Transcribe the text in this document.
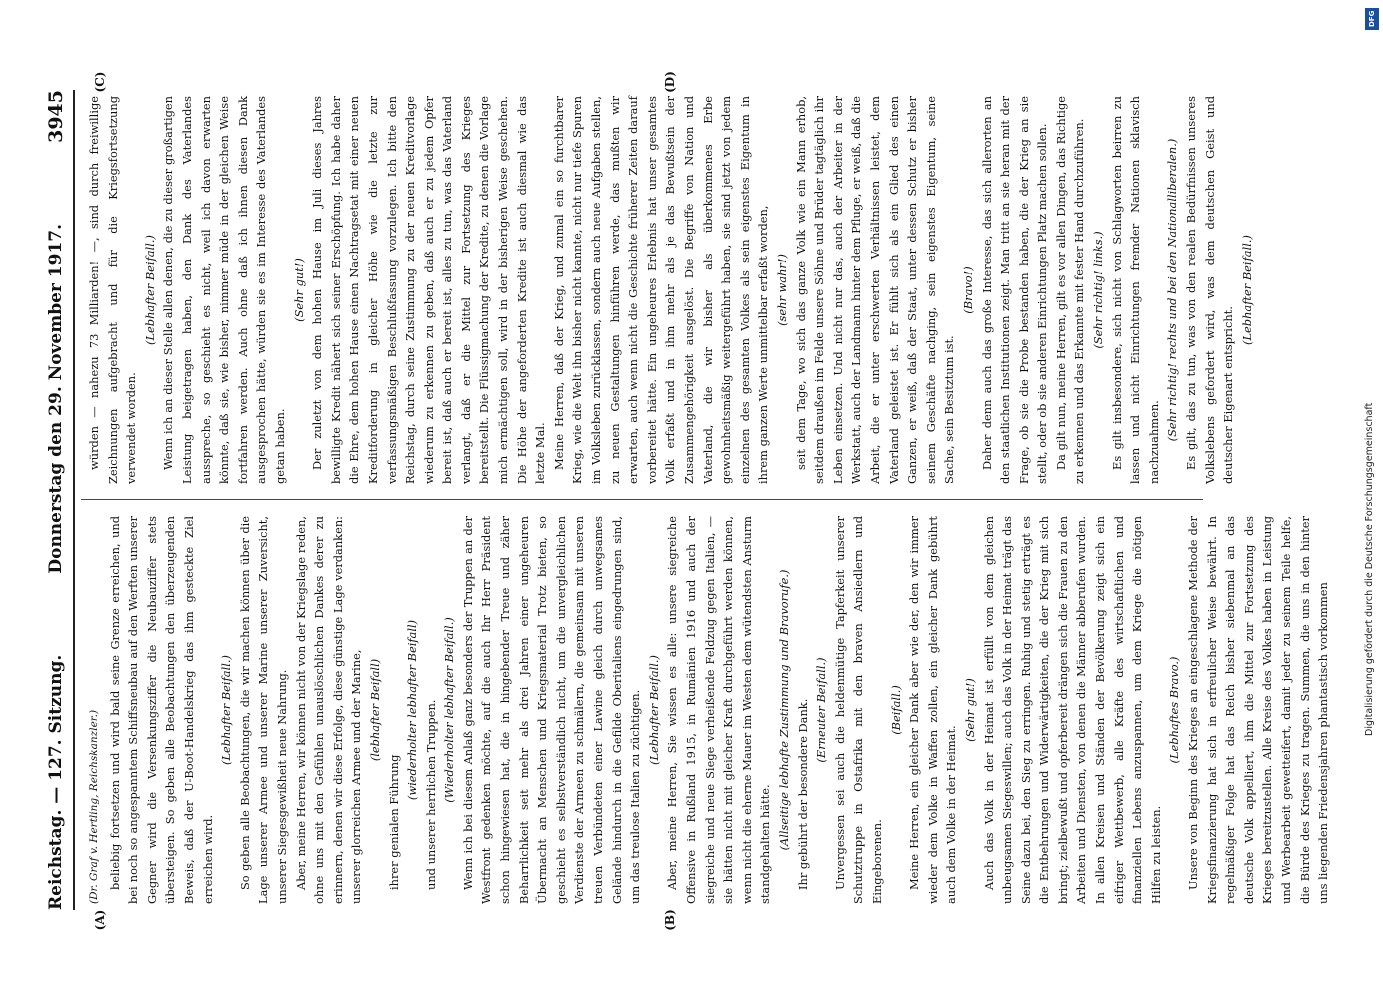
Reichstag. — 127. Sitzung.
Donnerstag den 29. November 1917.
3945
(A)	(B)
(C)	(D)

(Dr. Graf v. Hertling, Reichskanzler.) beliebig fortsetzen und wird bald seine Grenze erreichen, und bei noch so angespanntem Schiffsneubau auf den Werften unserer Gegner wird die Versenkungsziffer die Neubauziffer stets übersteigen. So geben alle Beobachtungen den überzeugenden Beweis, daß der U-Boot-Handelskrieg das ihm gesteckte Ziel erreichen wird.

(Lebhafter Beifall.) So geben alle Beobachtungen, die wir machen können über die Lage unserer Armee und unserer Marine unserer Zuversicht, unserer Siegesgewißheit neue Nahrung. Aber, meine Herren, wir können nicht von der Kriegslage reden, ohne uns mit den Gefühlen unauslöschlichen Dankes derer zu erinnern, denen wir diese Erfolge, diese günstige Lage verdanken: unserer glorreichen Armee und der Marine, (lebhafter Beifall)

ihrer genialen Führung

(wiederholter lebhafter Beifall) und unserer herrlichen Truppen. (Wiederholter lebhafter Beifall.) Wenn ich bei diesem Anlaß ganz besonders der Truppen an der Westfront gedenken möchte, auf die auch Ihr Herr Präsident schon hingewiesen hat, die in hingebender Treue und zäher Beharrlichkeit seit mehr als drei Jahren einer ungeheuren Übermacht an Menschen und Kriegsmaterial Trotz bieten, so geschieht es selbstverständlich nicht, um die unvergleichlichen Verdienste der Armeen zu schmälern, die gemeinsam mit unseren treuen Verbündeten einer Lawine gleich durch unwegsames Gelände hindurch in die Gefilde Oberitaliens eingedrungen sind, um das treulose Italien zu züchtigen. (Lebhafter Beifall.) Aber, meine Herren, Sie wissen es alle: unsere siegreiche Offensive in Rußland 1915, in Rumänien 1916 und auch der siegreiche und neue Siege verheißende Feldzug gegen Italien, — sie hätten nicht mit gleicher Kraft durchgeführt werden können, wenn nicht die eherne Mauer im Westen dem wütendsten Ansturm standgehalten hätte. (Allseitige lebhafte Zustimmung und Bravorufe.) Ihr gebührt der besondere Dank. (Erneuter Beifall.) Unvergessen sei auch die heldenmütige Tapferkeit unserer Schutztruppe in Ostafrika mit den braven Ansiedlern und Eingeborenen.

(Beifall.) Meine Herren, ein gleicher Dank aber wie der, den wir immer wieder dem Volke in Waffen zollen, ein gleicher Dank gebührt auch dem Volke in der Heimat.

(Sehr gut!) Auch das Volk in der Heimat ist erfüllt von dem gleichen unbeugsamen Siegeswillen; auch das Volk in der Heimat trägt das Seine dazu bei, den Sieg zu erringen. Ruhig und stetig erträgt es die Entbehrungen und Widerwärtigkeiten, die der Krieg mit sich bringt; zielbewußt und opferbereit drängen sich die Frauen zu den Arbeiten und Diensten, von denen die Männer abberufen wurden. In allen Kreisen und Ständen der Bevölkerung zeigt sich ein eifriger Wettbewerb, alle Kräfte des wirtschaftlichen und finanziellen Lebens anzuspannen, um dem Kriege die nötigen Hilfen zu leisten.

(Lebhaftes Bravo.) Unsere von Beginn des Krieges an eingeschlagene Methode der Kriegsfinanzierung hat sich in erfreulicher Weise bewährt. In regelmäßiger Folge hat das Reich bisher siebenmal an das deutsche Volk appelliert, ihm die Mittel zur Fortsetzung des Krieges bereitzustellen. Alle Kreise des Volkes haben in Leistung und Werbearbeit gewetteifert, damit jeder zu seinem Teile helfe, die Bürde des Krieges zu tragen. Summen, die uns in den hinter uns liegenden Friedensjahren phantastisch vorkommen

würden — nahezu 73 Milliarden! —, sind durch freiwillige Zeichnungen aufgebracht und für die Kriegsfortsetzung verwendet worden.

(Lebhafter Beifall.) Wenn ich an dieser Stelle allen denen, die zu dieser großartigen Leistung beigetragen haben, den Dank des Vaterlandes ausspreche, so geschieht es nicht, weil ich davon erwarten könnte, daß sie, wie bisher, nimmer müde in der gleichen Weise fortfahren werden. Auch ohne daß ich ihnen diesen Dank ausgesprochen hätte, würden sie es im Interesse des Vaterlandes getan haben.

(Sehr gut!) Der zuletzt von dem hohen Hause im Juli dieses Jahres bewilligte Kredit nähert sich seiner Erschöpfung. Ich habe daher die Ehre, dem hohen Hause einen Nachtragsetat mit einer neuen Kreditforderung in gleicher Höhe wie die letzte zur verfassungsmäßigen Beschlußfassung vorzulegen. Ich bitte den Reichstag, durch seine Zustimmung zu der neuen Kreditvorlage wiederum zu erkennen zu geben, daß auch er zu jedem Opfer bereit ist, daß auch er bereit ist, alles zu tun, was das Vaterland verlangt, daß er die Mittel zur Fortsetzung des Krieges bereitstellt. Die Flüssigmachung der Kredite, zu denen die Vorlage mich ermächtigen soll, wird in der bisherigen Weise geschehen. Die Höhe der angeforderten Kredite ist auch diesmal wie das letzte Mal. Meine Herren, daß der Krieg, und zumal ein so furchtbarer Krieg, wie die Welt ihn bisher nicht kannte, nicht nur tiefe Spuren im Volksleben zurücklassen, sondern auch neue Aufgaben stellen, zu neuen Gestaltungen hinführen werde, das mußten wir erwarten, auch wenn nicht die Geschichte früherer Zeiten darauf vorbereitet hätte. Ein ungeheures Erlebnis hat unser gesamtes Volk erfaßt und in ihm mehr als je das Bewußtsein der Zusammengehörigkeit ausgelöst. Die Begriffe von Nation und Vaterland, die wir bisher als überkommenes Erbe gewohnheitsmäßig weitergeführt haben, sie sind jetzt von jedem einzelnen des gesamten Volkes als sein eigenstes Eigentum in ihrem ganzen Werte unmittelbar erfaßt worden, (sehr wahr!) seit dem Tage, wo sich das ganze Volk wie ein Mann erhob, seitdem draußen im Felde unsere Söhne und Brüder tagtäglich ihr Leben einsetzen. Und nicht nur das, auch der Arbeiter in der Werkstatt, auch der Landmann hinter dem Pfluge, er weiß, daß die Arbeit, die er unter erschwerten Verhältnissen leistet, dem Vaterland geleistet ist. Er fühlt sich als ein Glied des einen Ganzen, er weiß, daß der Staat, unter dessen Schutz er bisher seinem Geschäfte nachging, sein eigenstes Eigentum, seine Sache, sein Besitztum ist.

(Bravo!) Daher denn auch das große Interesse, das sich allerorten an den staatlichen Institutionen zeigt. Man tritt an sie heran mit der Frage, ob sie die Probe bestanden haben, die der Krieg an sie stellt, oder ob sie anderen Einrichtungen Platz machen sollen. Da gilt nun, meine Herren, gilt es vor allen Dingen, das Richtige zu erkennen und das Erkannte mit fester Hand durchzuführen. (Sehr richtig! links.) Es gilt insbesondere, sich nicht von Schlagworten beirren zu lassen und nicht Einrichtungen fremder Nationen sklavisch nachzuahmen.

(Sehr richtig! rechts und bei den Nationalliberalen.) Es gilt, das zu tun, was von den realen Bedürfnissen unseres Volkslebens gefordert wird, was dem deutschen Geist und deutscher Eigenart entspricht.

(Lebhafter Beifall.)

DFG
Digitalisierung gefördert durch die Deutsche Forschungsgemeinschaft
